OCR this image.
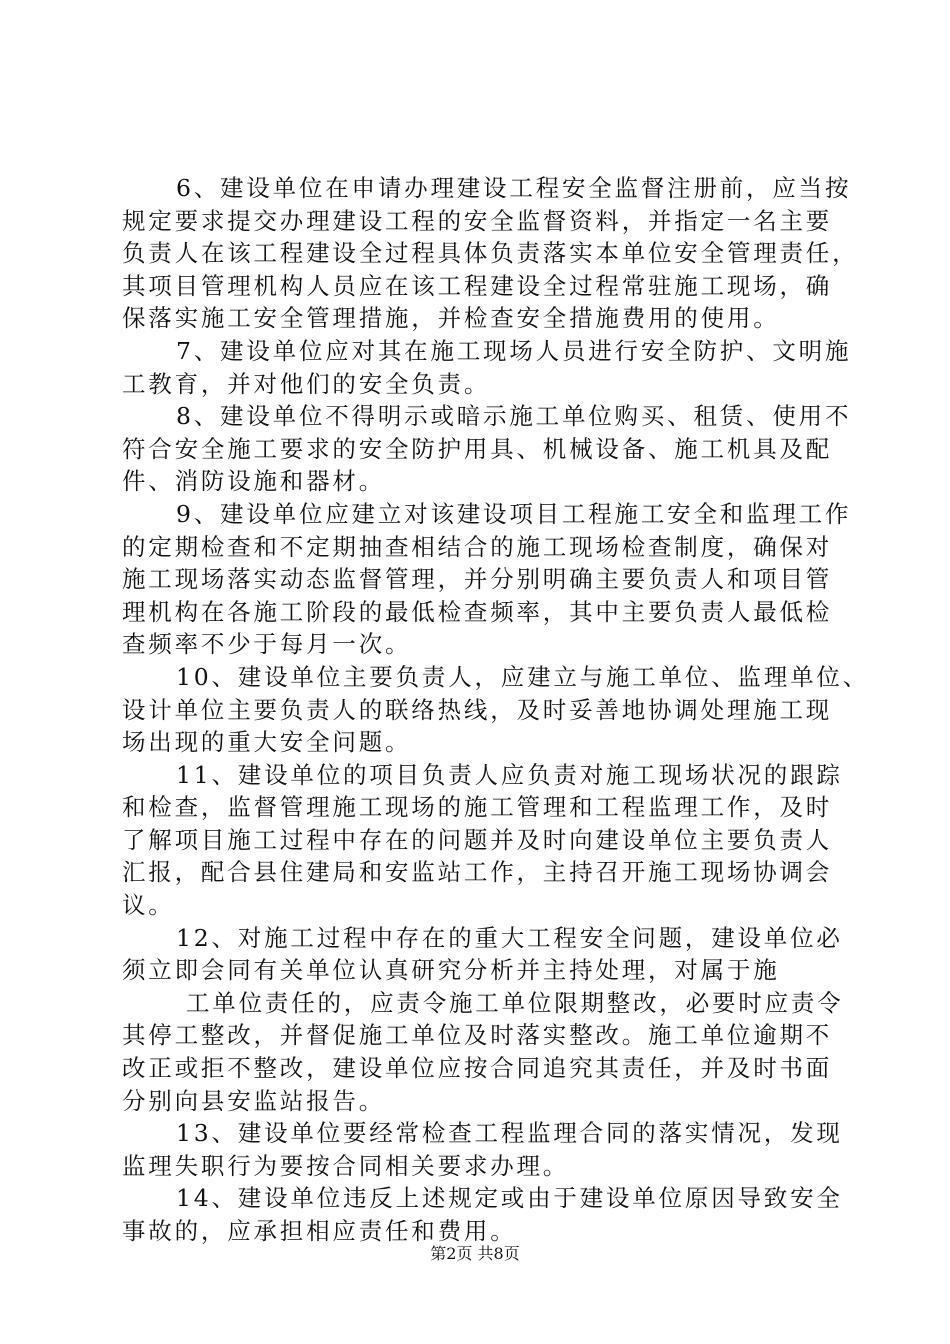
6、建设单位在申请办理建设工程安全监督注册前，应当按
规定要求提交办理建设工程的安全监督资料，并指定一名主要
负责人在该工程建设全过程具体负责落实本单位安全管理责任，
其项目管理机构人员应在该工程建设全过程常驻施工现场，确
保落实施工安全管理措施，并检查安全措施费用的使用。
7、建设单位应对其在施工现场人员进行安全防护、文明施
工教育，并对他们的安全负责。
8、建设单位不得明示或暗示施工单位购买、租赁、使用不
符合安全施工要求的安全防护用具、机械设备、施工机具及配
件、消防设施和器材。
9、建设单位应建立对该建设项目工程施工安全和监理工作
的定期检查和不定期抽查相结合的施工现场检查制度，确保对
施工现场落实动态监督管理，并分别明确主要负责人和项目管
理机构在各施工阶段的最低检查频率，其中主要负责人最低检
查频率不少于每月一次。
10、建设单位主要负责人，应建立与施工单位、监理单位、
设计单位主要负责人的联络热线，及时妥善地协调处理施工现
场出现的重大安全问题。
11、建设单位的项目负责人应负责对施工现场状况的跟踪
和检查，监督管理施工现场的施工管理和工程监理工作，及时
了解项目施工过程中存在的问题并及时向建设单位主要负责人
汇报，配合县住建局和安监站工作，主持召开施工现场协调会
议。
12、对施工过程中存在的重大工程安全问题，建设单位必
须立即会同有关单位认真研究分析并主持处理，对属于施
工单位责任的，应责令施工单位限期整改，必要时应责令
其停工整改，并督促施工单位及时落实整改。施工单位逾期不
改正或拒不整改，建设单位应按合同追究其责任，并及时书面
分别向县安监站报告。
13、建设单位要经常检查工程监理合同的落实情况，发现
监理失职行为要按合同相关要求办理。
14、建设单位违反上述规定或由于建设单位原因导致安全
事故的，应承担相应责任和费用。
第2页 共8页
